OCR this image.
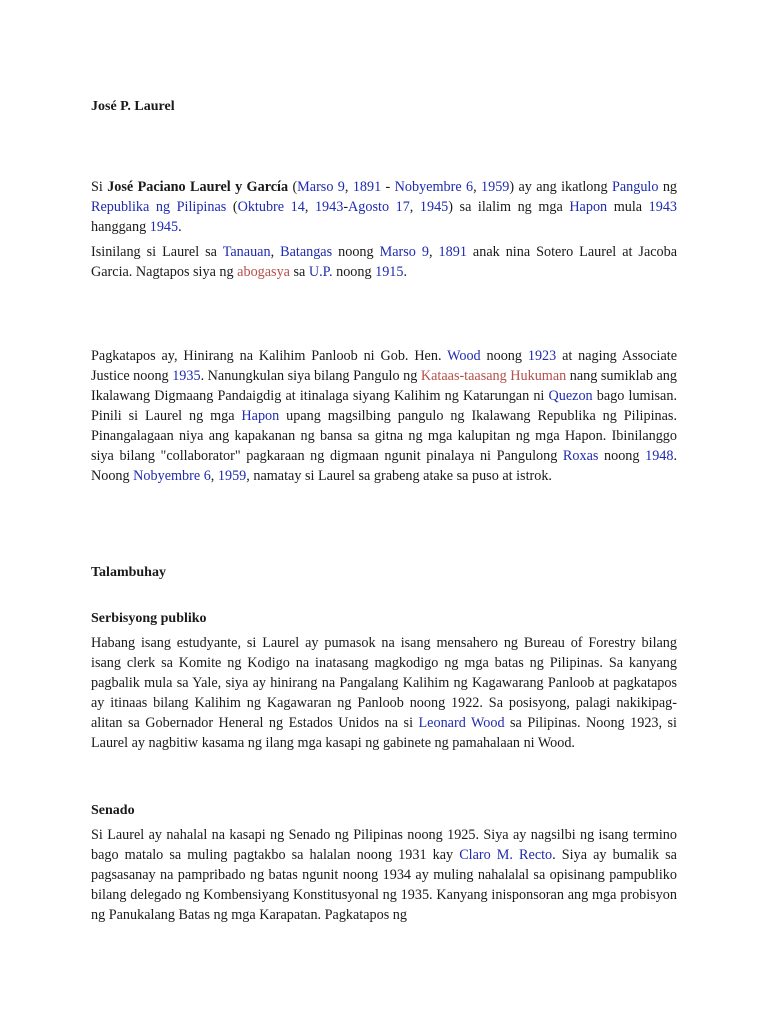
José P. Laurel

Si José Paciano Laurel y García (Marso 9, 1891 - Nobyembre 6, 1959) ay ang ikatlong Pangulo ng Republika ng Pilipinas (Oktubre 14, 1943-Agosto 17, 1945) sa ilalim ng mga Hapon mula 1943 hanggang 1945.

Isinilang si Laurel sa Tanauan, Batangas noong Marso 9, 1891 anak nina Sotero Laurel at Jacoba Garcia. Nagtapos siya ng abogasya sa U.P. noong 1915.

Pagkatapos ay, Hinirang na Kalihim Panloob ni Gob. Hen. Wood noong 1923 at naging Associate Justice noong 1935. Nanungkulan siya bilang Pangulo ng Kataas-taasang Hukuman nang sumiklab ang Ikalawang Digmaang Pandaigdig at itinalaga siyang Kalihim ng Katarungan ni Quezon bago lumisan. Pinili si Laurel ng mga Hapon upang magsilbing pangulo ng Ikalawang Republika ng Pilipinas. Pinangalagaan niya ang kapakanan ng bansa sa gitna ng mga kalupitan ng mga Hapon. Ibinilanggo siya bilang "collaborator" pagkaraan ng digmaan ngunit pinalaya ni Pangulong Roxas noong 1948. Noong Nobyembre 6, 1959, namatay si Laurel sa grabeng atake sa puso at istrok.

Talambuhay
Serbisyong publiko

Habang isang estudyante, si Laurel ay pumasok na isang mensahero ng Bureau of Forestry bilang isang clerk sa Komite ng Kodigo na inatasang magkodigo ng mga batas ng Pilipinas. Sa kanyang pagbalik mula sa Yale, siya ay hinirang na Pangalang Kalihim ng Kagawarang Panloob at pagkatapos ay itinaas bilang Kalihim ng Kagawaran ng Panloob noong 1922. Sa posisyong, palagi nakikipag-alitan sa Gobernador Heneral ng Estados Unidos na si Leonard Wood sa Pilipinas. Noong 1923, si Laurel ay nagbitiw kasama ng ilang mga kasapi ng gabinete ng pamahalaan ni Wood.

Senado

Si Laurel ay nahalal na kasapi ng Senado ng Pilipinas noong 1925. Siya ay nagsilbi ng isang termino bago matalo sa muling pagtakbo sa halalan noong 1931 kay Claro M. Recto. Siya ay bumalik sa pagsasanay na pampribado ng batas ngunit noong 1934 ay muling nahalalal sa opisinang pampubliko bilang delegado ng Kombensiyang Konstitusyonal ng 1935. Kanyang inisponsoran ang mga probisyon ng Panukalang Batas ng mga Karapatan. Pagkatapos ng
